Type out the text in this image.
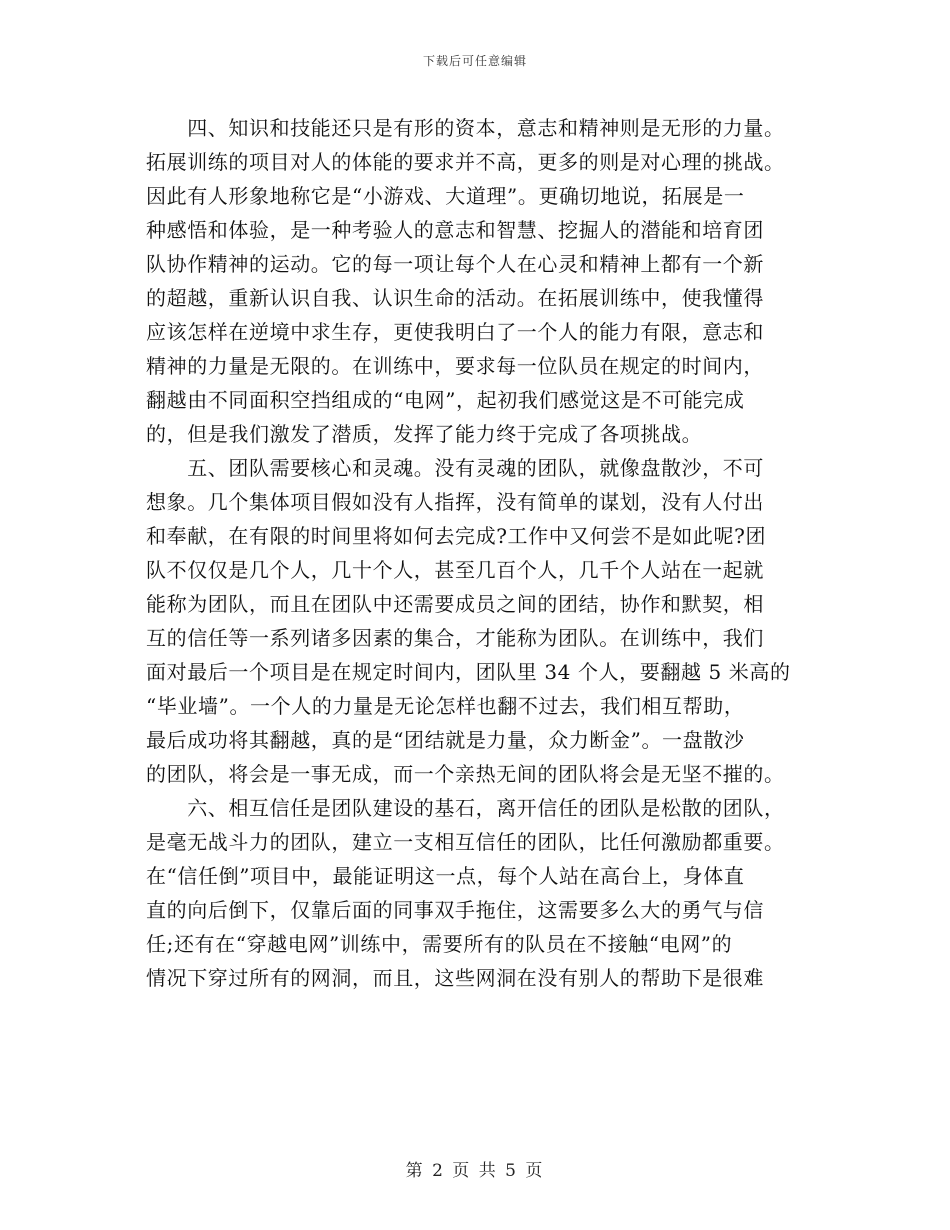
下载后可任意编辑
　　四、知识和技能还只是有形的资本，意志和精神则是无形的力量。
拓展训练的项目对人的体能的要求并不高，更多的则是对心理的挑战。
因此有人形象地称它是“小游戏、大道理”。更确切地说，拓展是一
种感悟和体验，是一种考验人的意志和智慧、挖掘人的潜能和培育团
队协作精神的运动。它的每一项让每个人在心灵和精神上都有一个新
的超越，重新认识自我、认识生命的活动。在拓展训练中，使我懂得
应该怎样在逆境中求生存，更使我明白了一个人的能力有限，意志和
精神的力量是无限的。在训练中，要求每一位队员在规定的时间内，
翻越由不同面积空挡组成的“电网”，起初我们感觉这是不可能完成
的，但是我们激发了潜质，发挥了能力终于完成了各项挑战。
　　五、团队需要核心和灵魂。没有灵魂的团队，就像盘散沙，不可
想象。几个集体项目假如没有人指挥，没有简单的谋划，没有人付出
和奉献，在有限的时间里将如何去完成?工作中又何尝不是如此呢?团
队不仅仅是几个人，几十个人，甚至几百个人，几千个人站在一起就
能称为团队，而且在团队中还需要成员之间的团结，协作和默契，相
互的信任等一系列诸多因素的集合，才能称为团队。在训练中，我们
面对最后一个项目是在规定时间内，团队里 34 个人，要翻越 5 米高的
“毕业墙”。一个人的力量是无论怎样也翻不过去，我们相互帮助，
最后成功将其翻越，真的是“团结就是力量，众力断金”。一盘散沙
的团队，将会是一事无成，而一个亲热无间的团队将会是无坚不摧的。
　　六、相互信任是团队建设的基石，离开信任的团队是松散的团队，
是毫无战斗力的团队，建立一支相互信任的团队，比任何激励都重要。
在“信任倒”项目中，最能证明这一点，每个人站在高台上，身体直
直的向后倒下，仅靠后面的同事双手拖住，这需要多么大的勇气与信
任;还有在“穿越电网”训练中，需要所有的队员在不接触“电网”的
情况下穿过所有的网洞，而且，这些网洞在没有别人的帮助下是很难
第 2 页 共 5 页
